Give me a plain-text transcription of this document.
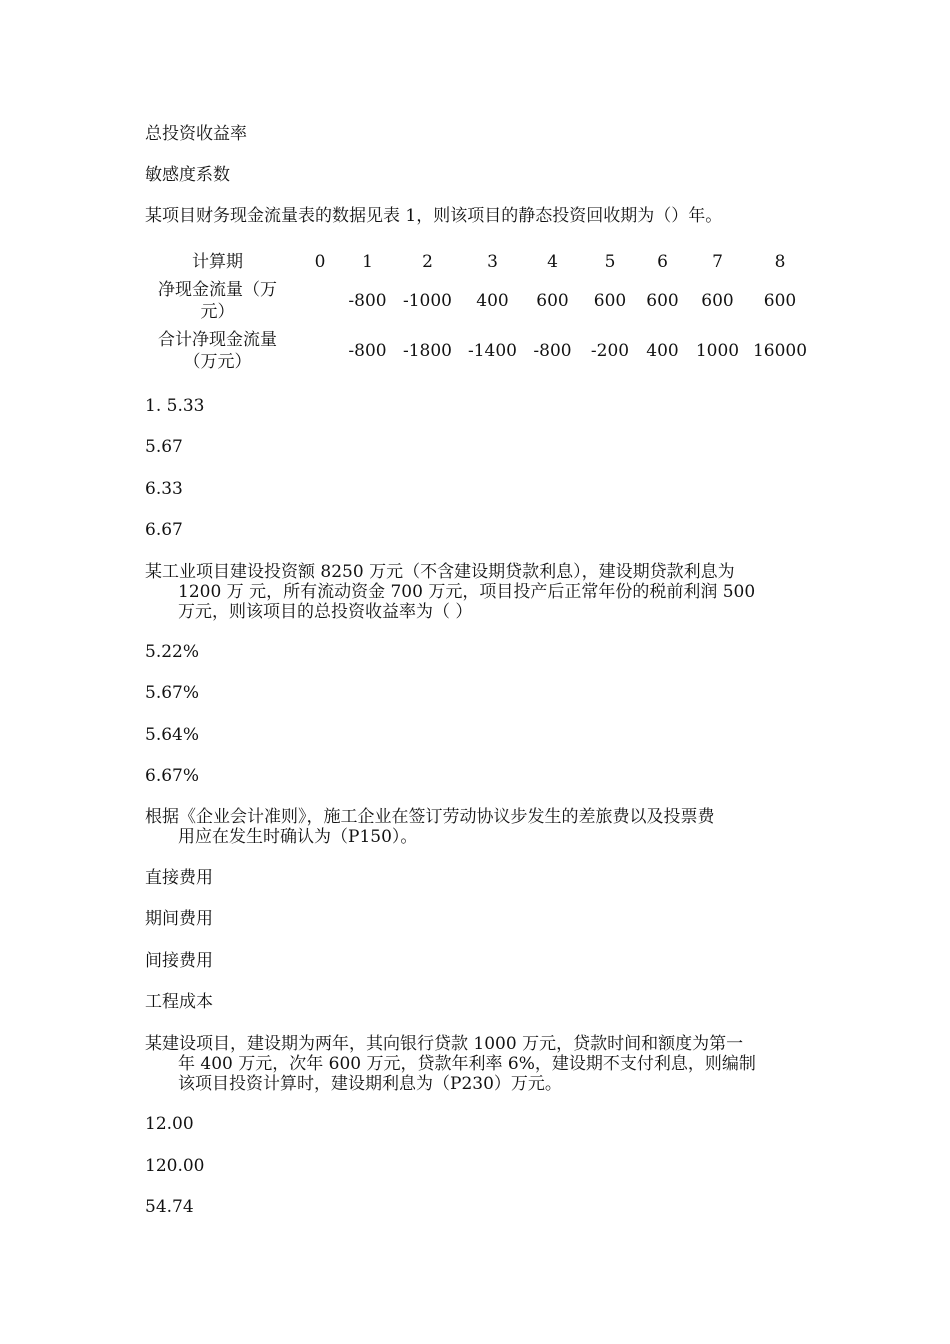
总投资收益率
敏感度系数
某项目财务现金流量表的数据见表 1，则该项目的静态投资回收期为（）年。
计算期	0	1	2	3	4	5	6	7	8
净现金流量（万
元）		-800	-1000	400	600	600	600	600	600
合计净现金流量
（万元）		-800	-1800	-1400	-800	-200	400	1000	16000
1. 5.33
5.67
6.33
6.67
某工业项目建设投资额 8250 万元（不含建设期贷款利息），建设期贷款利息为
1200 万 元，所有流动资金 700 万元，项目投产后正常年份的税前利润 500
万元，则该项目的总投资收益率为（ ）
5.22%
5.67%
5.64%
6.67%
根据《企业会计准则》，施工企业在签订劳动协议步发生的差旅费以及投票费
用应在发生时确认为（P150）。
直接费用
期间费用
间接费用
工程成本
某建设项目，建设期为两年，其向银行贷款 1000 万元，贷款时间和额度为第一
年 400 万元，次年 600 万元，贷款年利率 6%，建设期不支付利息，则编制
该项目投资计算时，建设期利息为（P230）万元。
12.00
120.00
54.74
